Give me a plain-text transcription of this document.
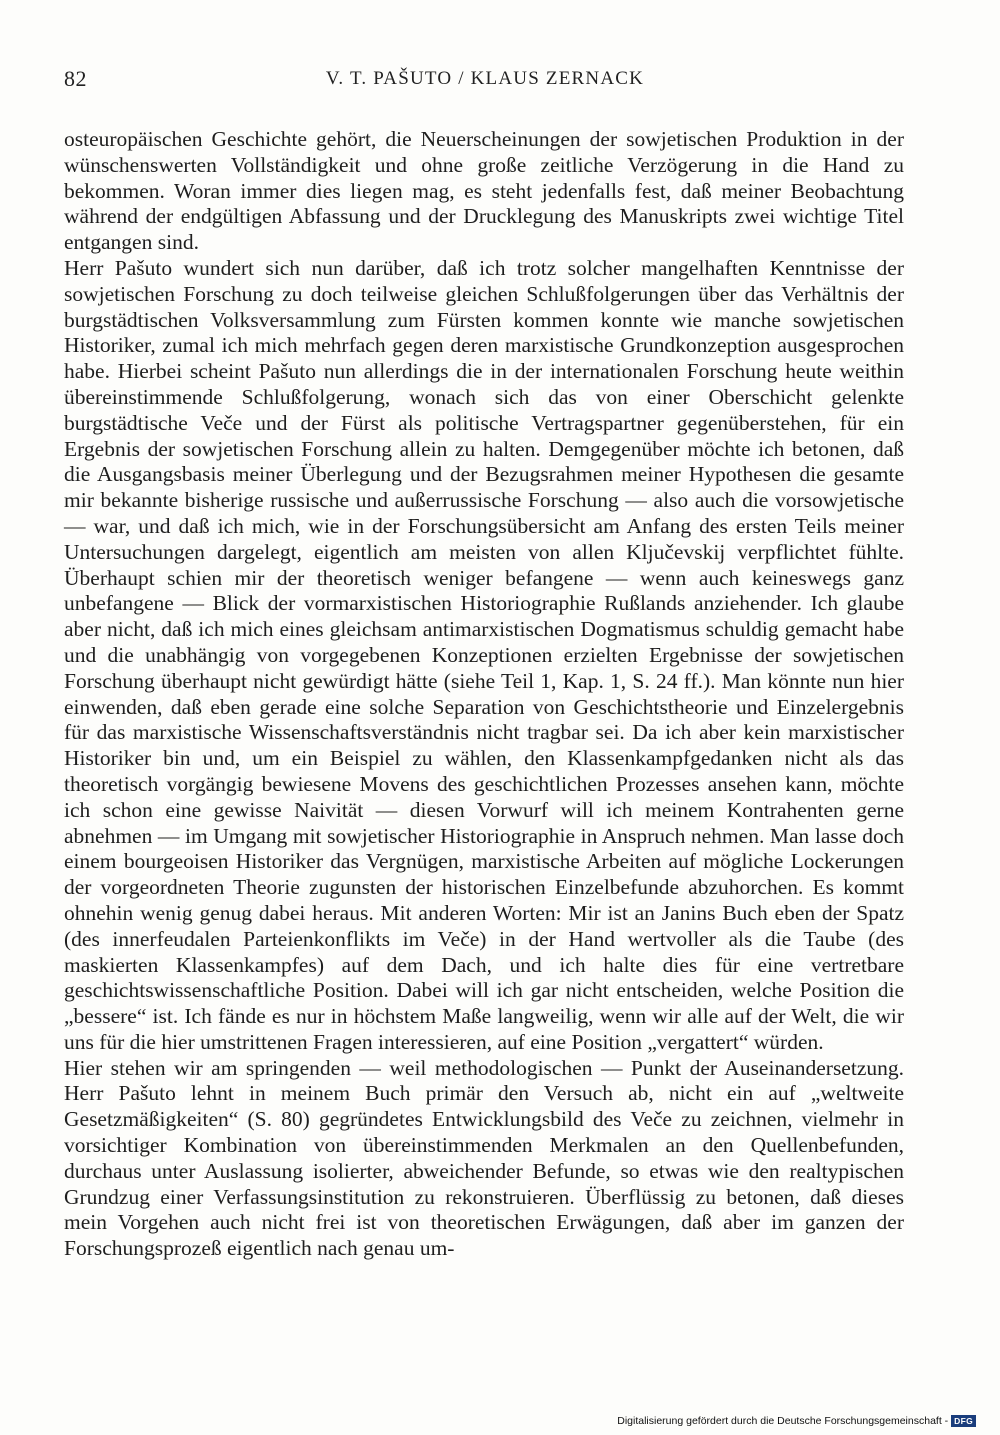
82	V. T. PAŠUTO / KLAUS ZERNACK

osteuropäischen Geschichte gehört, die Neuerscheinungen der sowjetischen Produktion in der wünschenswerten Vollständigkeit und ohne große zeitliche Verzögerung in die Hand zu bekommen. Woran immer dies liegen mag, es steht jedenfalls fest, daß meiner Beobachtung während der endgültigen Abfassung und der Drucklegung des Manuskripts zwei wichtige Titel entgangen sind.

Herr Pašuto wundert sich nun darüber, daß ich trotz solcher mangelhaften Kenntnisse der sowjetischen Forschung zu doch teilweise gleichen Schlußfolgerungen über das Verhältnis der burgstädtischen Volksversammlung zum Fürsten kommen konnte wie manche sowjetischen Historiker, zumal ich mich mehrfach gegen deren marxistische Grundkonzeption ausgesprochen habe. Hierbei scheint Pašuto nun allerdings die in der internationalen Forschung heute weithin übereinstimmende Schlußfolgerung, wonach sich das von einer Oberschicht gelenkte burgstädtische Veče und der Fürst als politische Vertragspartner gegenüberstehen, für ein Ergebnis der sowjetischen Forschung allein zu halten. Demgegenüber möchte ich betonen, daß die Ausgangsbasis meiner Überlegung und der Bezugsrahmen meiner Hypothesen die gesamte mir bekannte bisherige russische und außerrussische Forschung — also auch die vorsowjetische — war, und daß ich mich, wie in der Forschungsübersicht am Anfang des ersten Teils meiner Untersuchungen dargelegt, eigentlich am meisten von allen Ključevskij verpflichtet fühlte. Überhaupt schien mir der theoretisch weniger befangene — wenn auch keineswegs ganz unbefangene — Blick der vormarxistischen Historiographie Rußlands anziehender. Ich glaube aber nicht, daß ich mich eines gleichsam antimarxistischen Dogmatismus schuldig gemacht habe und die unabhängig von vorgegebenen Konzeptionen erzielten Ergebnisse der sowjetischen Forschung überhaupt nicht gewürdigt hätte (siehe Teil 1, Kap. 1, S. 24 ff.). Man könnte nun hier einwenden, daß eben gerade eine solche Separation von Geschichtstheorie und Einzelergebnis für das marxistische Wissenschaftsverständnis nicht tragbar sei. Da ich aber kein marxistischer Historiker bin und, um ein Beispiel zu wählen, den Klassenkampfgedanken nicht als das theoretisch vorgängig bewiesene Movens des geschichtlichen Prozesses ansehen kann, möchte ich schon eine gewisse Naivität — diesen Vorwurf will ich meinem Kontrahenten gerne abnehmen — im Umgang mit sowjetischer Historiographie in Anspruch nehmen. Man lasse doch einem bourgeoisen Historiker das Vergnügen, marxistische Arbeiten auf mögliche Lockerungen der vorgeordneten Theorie zugunsten der historischen Einzelbefunde abzuhorchen. Es kommt ohnehin wenig genug dabei heraus. Mit anderen Worten: Mir ist an Janins Buch eben der Spatz (des innerfeudalen Parteienkonflikts im Veče) in der Hand wertvoller als die Taube (des maskierten Klassenkampfes) auf dem Dach, und ich halte dies für eine vertretbare geschichtswissenschaftliche Position. Dabei will ich gar nicht entscheiden, welche Position die „bessere“ ist. Ich fände es nur in höchstem Maße langweilig, wenn wir alle auf der Welt, die wir uns für die hier umstrittenen Fragen interessieren, auf eine Position „vergattert“ würden.

Hier stehen wir am springenden — weil methodologischen — Punkt der Auseinandersetzung. Herr Pašuto lehnt in meinem Buch primär den Versuch ab, nicht ein auf „weltweite Gesetzmäßigkeiten“ (S. 80) gegründetes Entwicklungsbild des Veče zu zeichnen, vielmehr in vorsichtiger Kombination von übereinstimmenden Merkmalen an den Quellenbefunden, durchaus unter Auslassung isolierter, abweichender Befunde, so etwas wie den realtypischen Grundzug einer Verfassungsinstitution zu rekonstruieren. Überflüssig zu betonen, daß dieses mein Vorgehen auch nicht frei ist von theoretischen Erwägungen, daß aber im ganzen der Forschungsprozeß eigentlich nach genau um-

Digitalisierung gefördert durch die Deutsche Forschungsgemeinschaft - DFG
